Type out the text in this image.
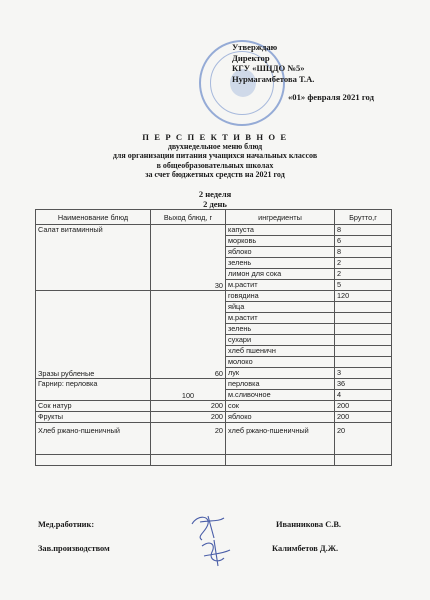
Утверждаю
Директор
КГУ «ШЦДО №5»
Нурмагамбетова Т.А.
«01» февраля 2021 год
П Е Р С П Е К Т И В Н О Е
двухнедельное меню блюд
для организации питания учащихся начальных классов
в общеобразовательных школах
за счет бюджетных средств на 2021 год
2 неделя
2 день
Наименование блюд	Выход блюд, г	ингредиенты	Брутто,г
Салат витаминный	30	капуста	8
		морковь	6
		яблоко	8
		зелень	2
		лимон для сока	2
		м.растит	5
Зразы рубленые	60	говядина	120
		яйца	
		м.растит	
		зелень	
		сухари	
		хлеб пшеничн	
		молоко	
		лук	3
Гарнир: перловка	100	перловка	36
		м.сливочное	4
Сок натур	200	сок	200
Фрукты	200	яблоко	200
Хлеб ржано-пшеничный	20	хлеб ржано-пшеничный	20

Мед.работник:	Иванникова С.В.
Зав.производством	Калимбетов Д.Ж.
